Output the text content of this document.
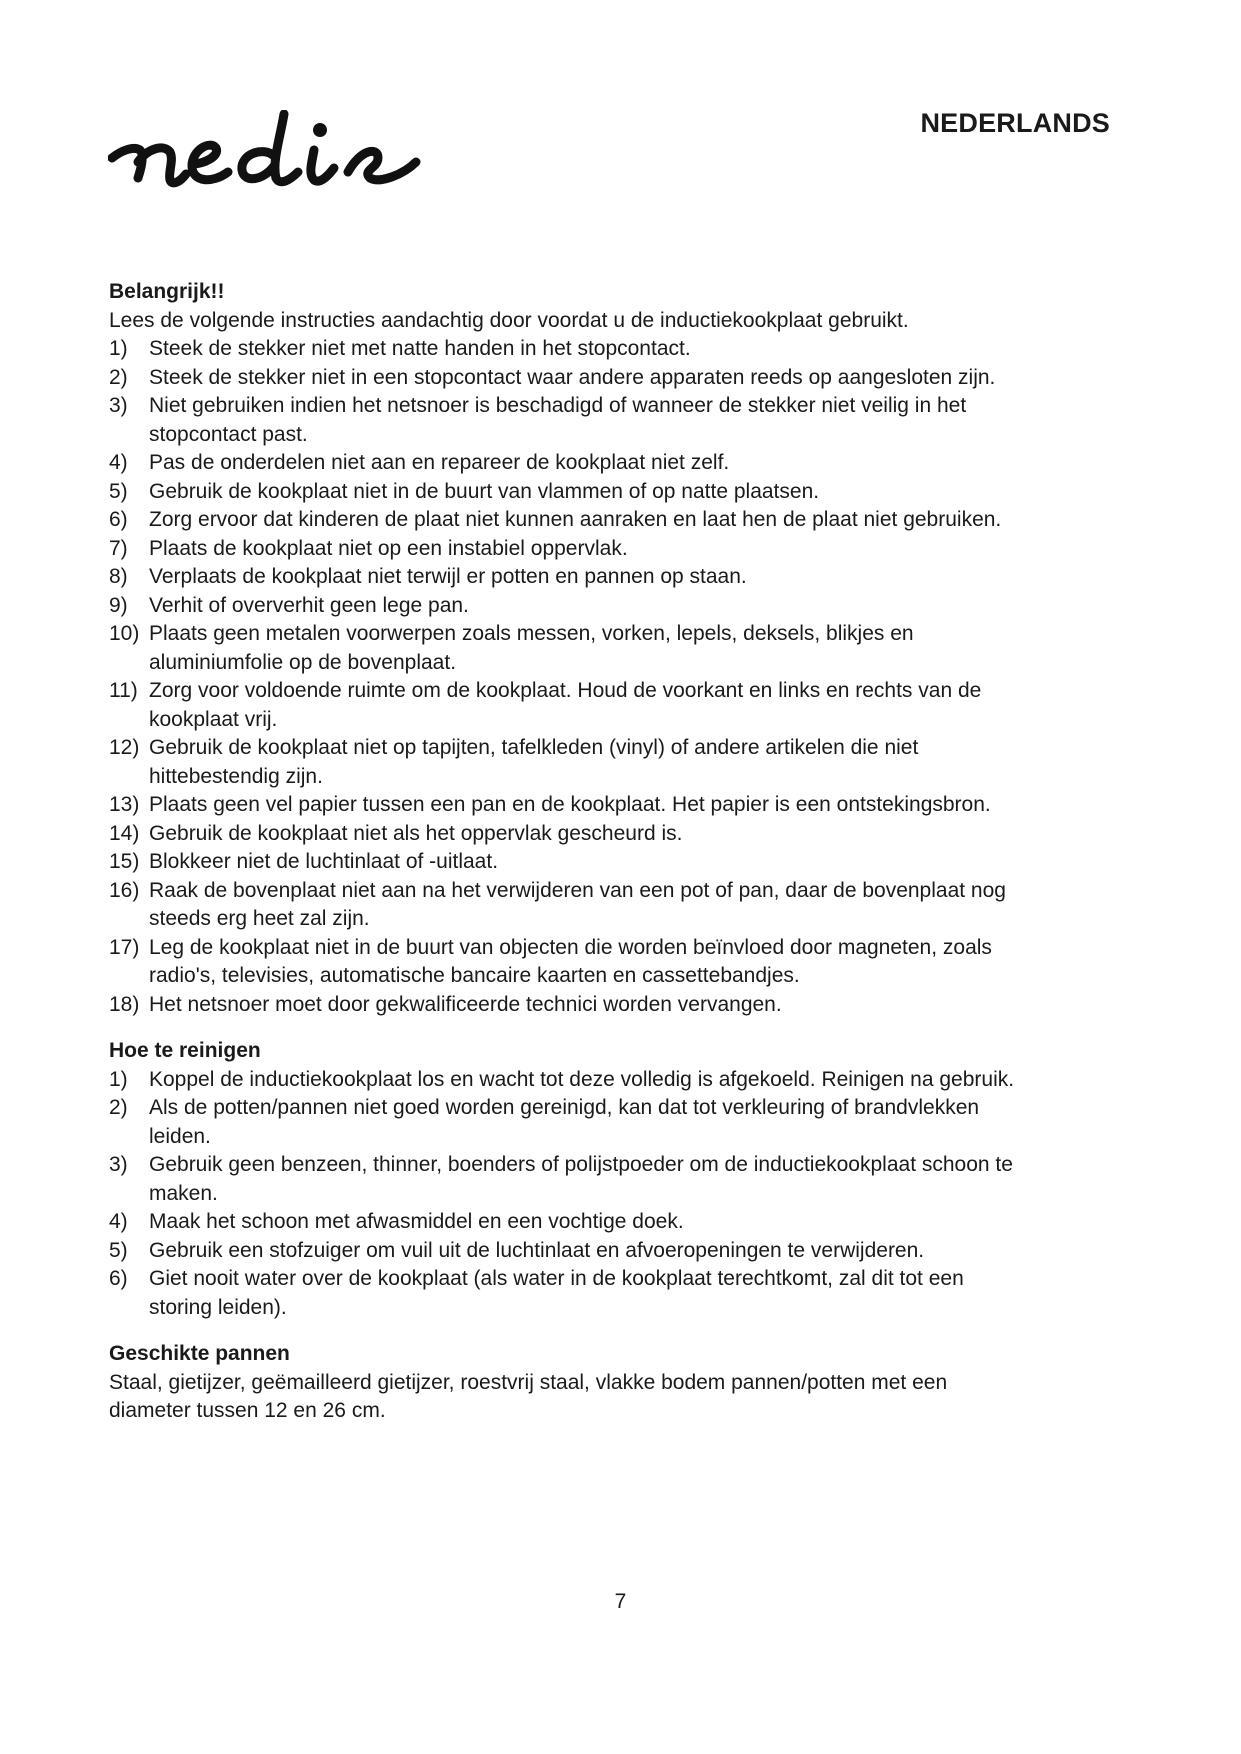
nedis	NEDERLANDS

Belangrijk!!

Lees de volgende instructies aandachtig door voordat u de inductiekookplaat gebruikt.

1) Steek de stekker niet met natte handen in het stopcontact.
2) Steek de stekker niet in een stopcontact waar andere apparaten reeds op aangesloten zijn.
3) Niet gebruiken indien het netsnoer is beschadigd of wanneer de stekker niet veilig in het stopcontact past.
4) Pas de onderdelen niet aan en repareer de kookplaat niet zelf.
5) Gebruik de kookplaat niet in de buurt van vlammen of op natte plaatsen.
6) Zorg ervoor dat kinderen de plaat niet kunnen aanraken en laat hen de plaat niet gebruiken.
7) Plaats de kookplaat niet op een instabiel oppervlak.
8) Verplaats de kookplaat niet terwijl er potten en pannen op staan.
9) Verhit of oververhit geen lege pan.
10) Plaats geen metalen voorwerpen zoals messen, vorken, lepels, deksels, blikjes en aluminiumfolie op de bovenplaat.
11) Zorg voor voldoende ruimte om de kookplaat. Houd de voorkant en links en rechts van de kookplaat vrij.
12) Gebruik de kookplaat niet op tapijten, tafelkleden (vinyl) of andere artikelen die niet hittebestendig zijn.
13) Plaats geen vel papier tussen een pan en de kookplaat. Het papier is een ontstekingsbron.
14) Gebruik de kookplaat niet als het oppervlak gescheurd is.
15) Blokkeer niet de luchtinlaat of -uitlaat.
16) Raak de bovenplaat niet aan na het verwijderen van een pot of pan, daar de bovenplaat nog steeds erg heet zal zijn.
17) Leg de kookplaat niet in de buurt van objecten die worden beïnvloed door magneten, zoals radio's, televisies, automatische bancaire kaarten en cassettebandjes.
18) Het netsnoer moet door gekwalificeerde technici worden vervangen.

Hoe te reinigen

1) Koppel de inductiekookplaat los en wacht tot deze volledig is afgekoeld. Reinigen na gebruik.
2) Als de potten/pannen niet goed worden gereinigd, kan dat tot verkleuring of brandvlekken leiden.
3) Gebruik geen benzeen, thinner, boenders of polijstpoeder om de inductiekookplaat schoon te maken.
4) Maak het schoon met afwasmiddel en een vochtige doek.
5) Gebruik een stofzuiger om vuil uit de luchtinlaat en afvoeropeningen te verwijderen.
6) Giet nooit water over de kookplaat (als water in de kookplaat terechtkomt, zal dit tot een storing leiden).

Geschikte pannen

Staal, gietijzer, geëmailleerd gietijzer, roestvrij staal, vlakke bodem pannen/potten met een diameter tussen 12 en 26 cm.

7
